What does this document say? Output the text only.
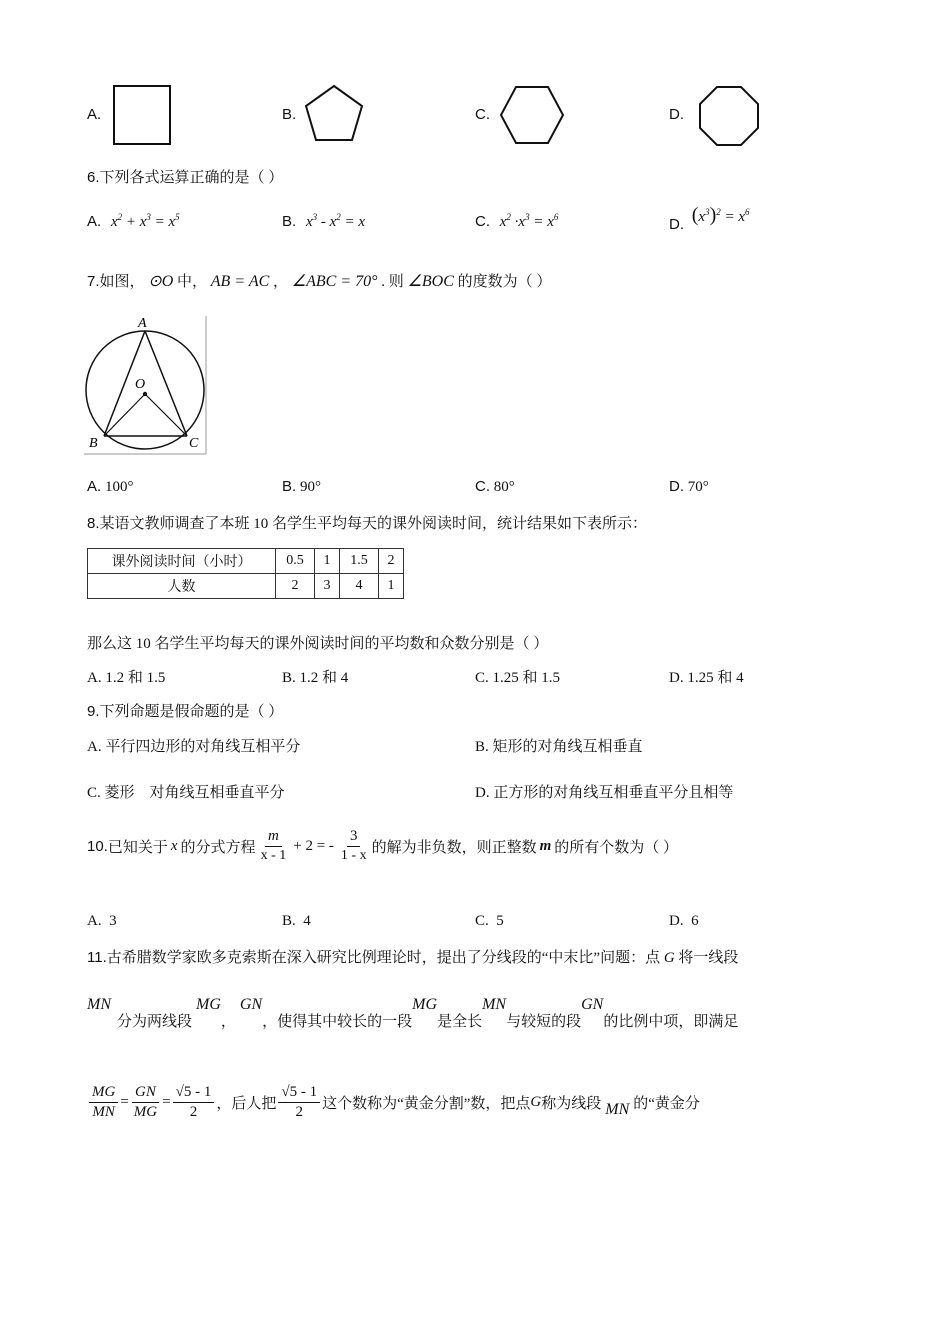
A.	B.	C.	D.
6.下列各式运算正确的是（ ）
A. $x^2 + x^3 = x^5$	B. $x^3 - x^2 = x$	C. $x^2 \cdot x^3 = x^6$	D. $(x^3)^2 = x^6$
7.如图， ⊙O 中， AB = AC ， ∠ABC = 70° . 则 ∠BOC 的度数为（ ）
A
O
B	C
A. 100°	B. 90°	C. 80°	D. 70°
8.某语文教师调查了本班 10 名学生平均每天的课外阅读时间，统计结果如下表所示：
课外阅读时间（小时）	0.5	1	1.5	2
人数	2	3	4	1
那么这 10 名学生平均每天的课外阅读时间的平均数和众数分别是（ ）
A. 1.2 和 1.5	B. 1.2 和 4	C. 1.25 和 1.5	D. 1.25 和 4
9.下列命题是假命题的是（ ）
A. 平行四边形的对角线互相平分	B. 矩形的对角线互相垂直
C. 菱形    对角线互相垂直平分	D. 正方形的对角线互相垂直平分且相等
10. 已知关于 x 的分式方程 $\frac{m}{x - 1} + 2$ = - $\frac{3}{1 - x}$ 的解为非负数，则正整数 m 的所有个数为（ ）
A.  3	B.  4	C.  5	D.  6
11.古希腊数学家欧多克索斯在深入研究比例理论时，提出了分线段的“中末比”问题：点 G 将一线段
MN
分为两线段
MG
，
GN
，使得其中较长的一段
MG
是全长
MN
与较短的段
GN
的比例中项，即满足
$\frac{MG}{MN} = \frac{GN}{MG} = \frac{√5 - 1}{2}$ ，后人把 $\frac{√5 - 1}{2}$ 这个数称为“黄金分割”数，把点 G 称为线段 MN 的“黄金分
